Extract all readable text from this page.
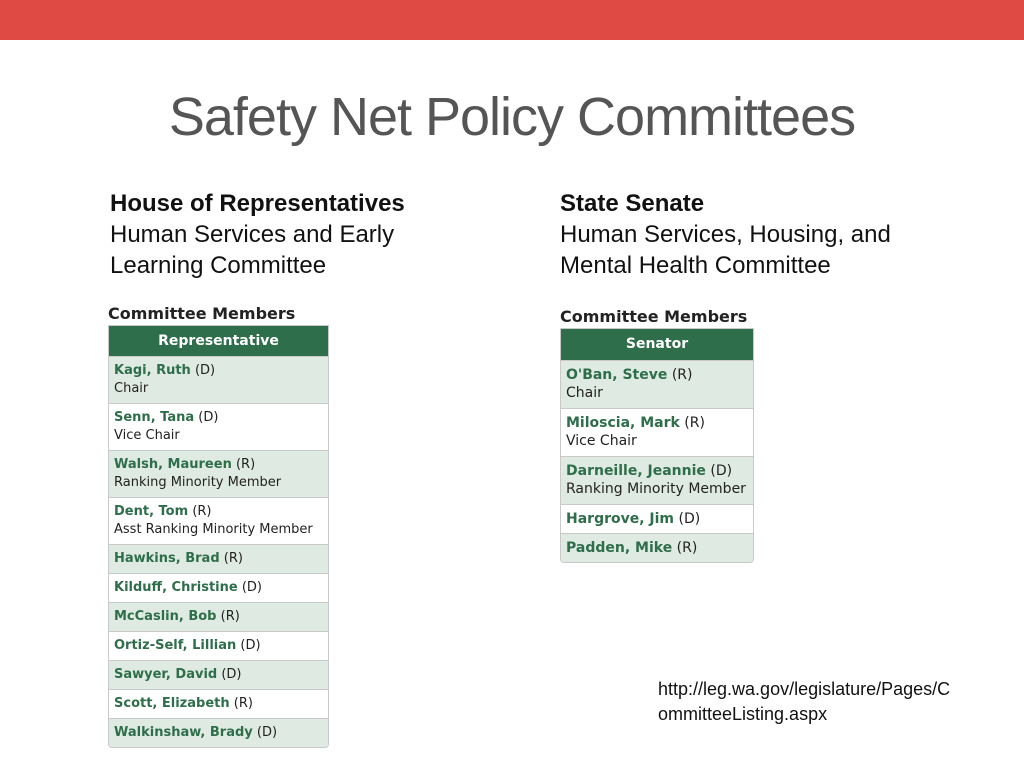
Safety Net Policy Committees
House of Representatives
Human Services and Early
Learning Committee
State Senate
Human Services, Housing, and
Mental Health Committee
Committee Members
Representative
Kagi, Ruth (D)
Chair
Senn, Tana (D)
Vice Chair
Walsh, Maureen (R)
Ranking Minority Member
Dent, Tom (R)
Asst Ranking Minority Member
Hawkins, Brad (R)
Kilduff, Christine (D)
McCaslin, Bob (R)
Ortiz-Self, Lillian (D)
Sawyer, David (D)
Scott, Elizabeth (R)
Walkinshaw, Brady (D)
Committee Members
Senator
O'Ban, Steve (R)
Chair
Miloscia, Mark (R)
Vice Chair
Darneille, Jeannie (D)
Ranking Minority Member
Hargrove, Jim (D)
Padden, Mike (R)
http://leg.wa.gov/legislature/Pages/CommitteeListing.aspx
